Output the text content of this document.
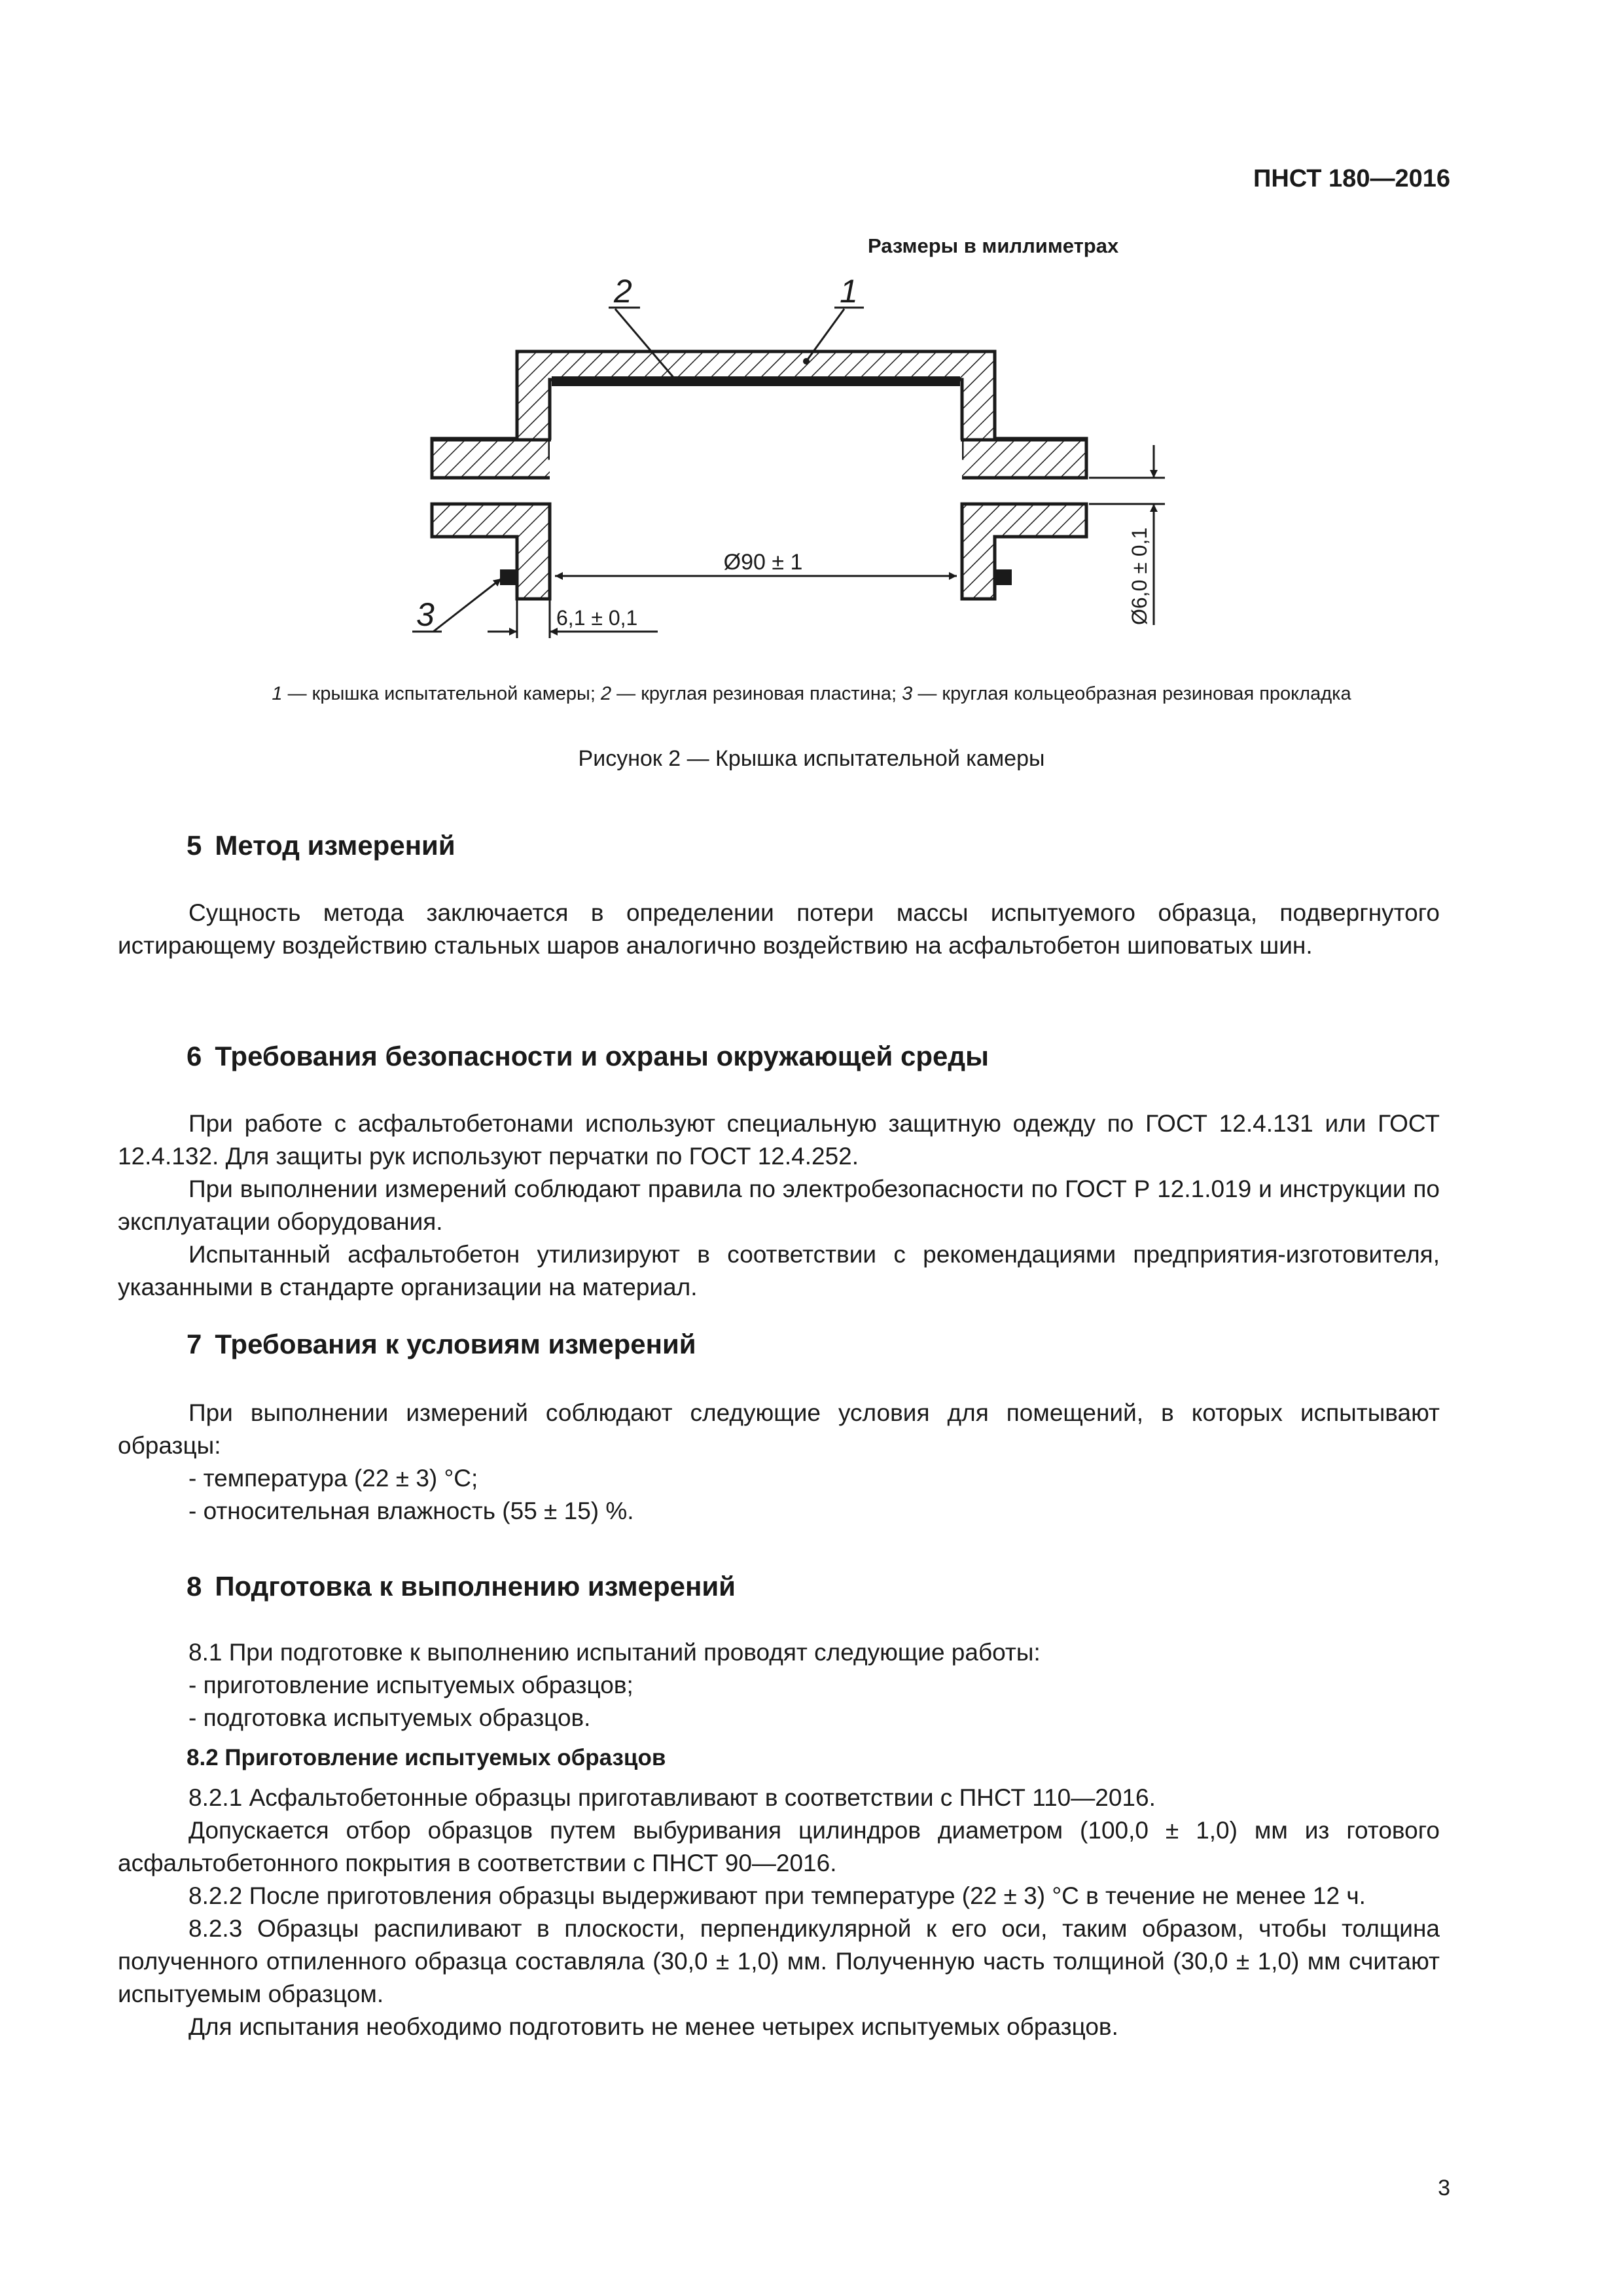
ПНСТ 180—2016
Размеры в миллиметрах
Ø90 ± 1
6,1 ± 0,1	Ø6,0 ± 0,1
2	1
3
1 — крышка испытательной камеры; 2 — круглая резиновая пластина; 3 — круглая кольцеобразная резиновая прокладка
Рисунок 2 — Крышка испытательной камеры
5 Метод измерений

Сущность метода заключается в определении потери массы испытуемого образца, подвергнутого истирающему воздействию стальных шаров аналогично воздействию на асфальтобетон шиповатых шин.

6 Требования безопасности и охраны окружающей среды

При работе с асфальтобетонами используют специальную защитную одежду по ГОСТ 12.4.131 или ГОСТ 12.4.132. Для защиты рук используют перчатки по ГОСТ 12.4.252.

При выполнении измерений соблюдают правила по электробезопасности по ГОСТ Р 12.1.019 и инструкции по эксплуатации оборудования.

Испытанный асфальтобетон утилизируют в соответствии с рекомендациями предприятия-изготовителя, указанными в стандарте организации на материал.

7 Требования к условиям измерений

При выполнении измерений соблюдают следующие условия для помещений, в которых испытывают образцы:

- температура (22 ± 3) °С;

- относительная влажность (55 ± 15) %.

8 Подготовка к выполнению измерений

8.1 При подготовке к выполнению испытаний проводят следующие работы:

- приготовление испытуемых образцов;

- подготовка испытуемых образцов.

8.2 Приготовление испытуемых образцов

8.2.1 Асфальтобетонные образцы приготавливают в соответствии с ПНСТ 110—2016.

Допускается отбор образцов путем выбуривания цилиндров диаметром (100,0 ± 1,0) мм из готового асфальтобетонного покрытия в соответствии с ПНСТ 90—2016.

8.2.2 После приготовления образцы выдерживают при температуре (22 ± 3) °С в течение не менее 12 ч.

8.2.3 Образцы распиливают в плоскости, перпендикулярной к его оси, таким образом, чтобы толщина полученного отпиленного образца составляла (30,0 ± 1,0) мм. Полученную часть толщиной (30,0 ± 1,0) мм считают испытуемым образцом.

Для испытания необходимо подготовить не менее четырех испытуемых образцов.

3
